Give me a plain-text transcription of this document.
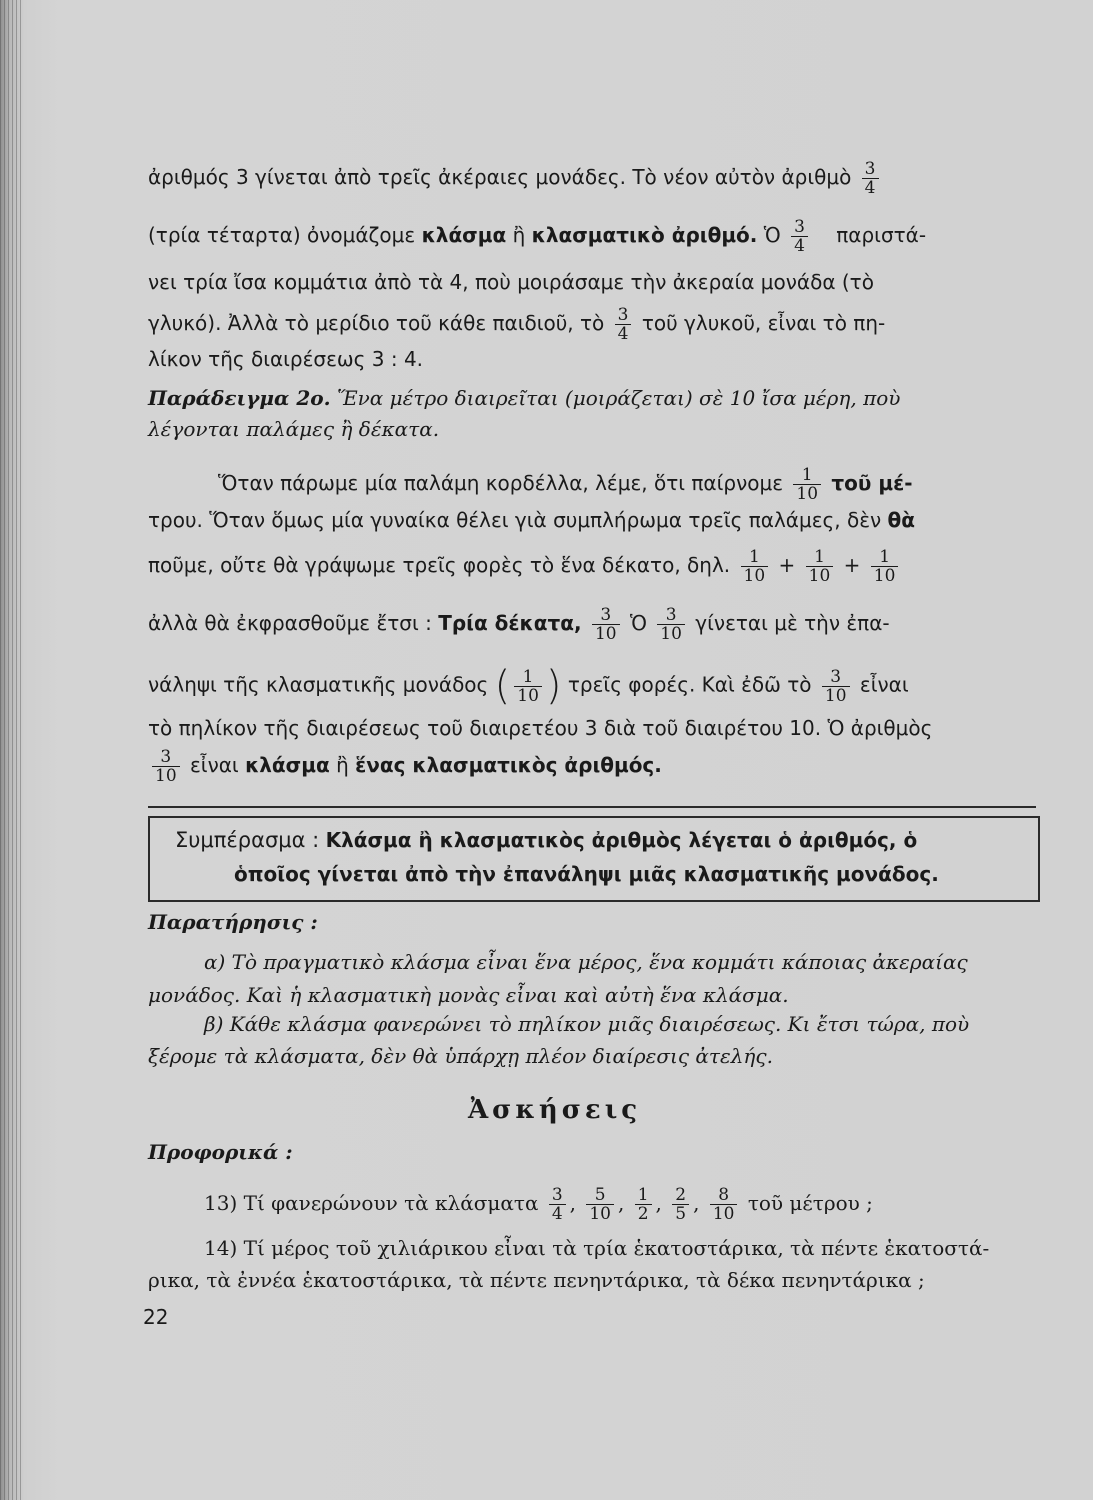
ἀριθμός 3 γίνεται ἀπὸ τρεῖς ἀκέραιες μονάδες. Τὸ νέον αὐτὸν ἀριθμὸ $\frac{3}{4}$
(τρία τέταρτα) ὀνομάζομε κλάσμα ἢ κλασματικὸ ἀριθμό. Ὁ $\frac{3}{4} \pi\alpha\rho\iota\sigma\tau ά-$
νει τρία ἴσα κομμάτια ἀπὸ τὰ 4, ποὺ μοιράσαμε τὴν ἀκεραία μονάδα (τὸ
γλυκό). Ἀλλὰ τὸ μερίδιο τοῦ κάθε παιδιοῦ, τὸ $\frac{3}{4}$ τοῦ γλυκοῦ, εἶναι τὸ πη-
λίκον τῆς διαιρέσεως 3 : 4.
Παράδειγμα 2ο. Ἕνα μέτρο διαιρεῖται (μοιράζεται) σὲ 10 ἴσα μέρη, ποὺ
λέγονται παλάμες ἢ δέκατα.
Ὅταν πάρωμε μία παλάμη κορδέλλα, λέμε, ὅτι παίρνομε $\frac{1}{10}$ τοῦ μέ-
τρου. Ὅταν ὅμως μία γυναίκα θέλει γιὰ συμπλήρωμα τρεῖς παλάμες, δὲν θὰ
ποῦμε, οὔτε θὰ γράψωμε τρεῖς φορὲς τὸ ἕνα δέκατο, δηλ. $\frac{1}{10} + \frac{1}{10} + \frac{1}{10}$
ἀλλὰ θὰ ἐκφρασθοῦμε ἔτσι : Τρία δέκατα, $\frac{3}{10}$ Ὁ $\frac{3}{10}$ γίνεται μὲ τὴν ἐπα-
νάληψι τῆς κλασματικῆς μονάδος ( $\frac{1}{10}$ ) τρεῖς φορές. Καὶ ἐδῶ τὸ $\frac{3}{10}$ εἶναι
τὸ πηλίκον τῆς διαιρέσεως τοῦ διαιρετέου 3 διὰ τοῦ διαιρέτου 10. Ὁ ἀριθμὸς
$\frac{3}{10}$ εἶναι κλάσμα ἢ ἕνας κλασματικὸς ἀριθμός.
Συμπέρασμα : Κλάσμα ἢ κλασματικὸς ἀριθμὸς λέγεται ὁ ἀριθμός, ὁ
ὁποῖος γίνεται ἀπὸ τὴν ἐπανάληψι μιᾶς κλασματικῆς μονάδος.
Παρατήρησις :
α) Τὸ πραγματικὸ κλάσμα εἶναι ἕνα μέρος, ἕνα κομμάτι κάποιας ἀκεραίας
μονάδος. Καὶ ἡ κλασματικὴ μονὰς εἶναι καὶ αὐτὴ ἕνα κλάσμα.
β) Κάθε κλάσμα φανερώνει τὸ πηλίκον μιᾶς διαιρέσεως. Κι ἔτσι τώρα, ποὺ
ξέρομε τὰ κλάσματα, δὲν θὰ ὑπάρχῃ πλέον διαίρεσις ἀτελής.
Ἀσκήσεις
Προφορικά :
13) Τί φανερώνουν τὰ κλάσματα $\frac{3}{4}$ , $\frac{5}{10}$ , $\frac{1}{2}$ , $\frac{2}{5}$ , $\frac{8}{10}$ τοῦ μέτρου ;
14) Τί μέρος τοῦ χιλιάρικου εἶναι τὰ τρία ἑκατοστάρικα, τὰ πέντε ἑκατοστά-
ρικα, τὰ ἐννέα ἑκατοστάρικα, τὰ πέντε πενηντάρικα, τὰ δέκα πενηντάρικα ;
22
